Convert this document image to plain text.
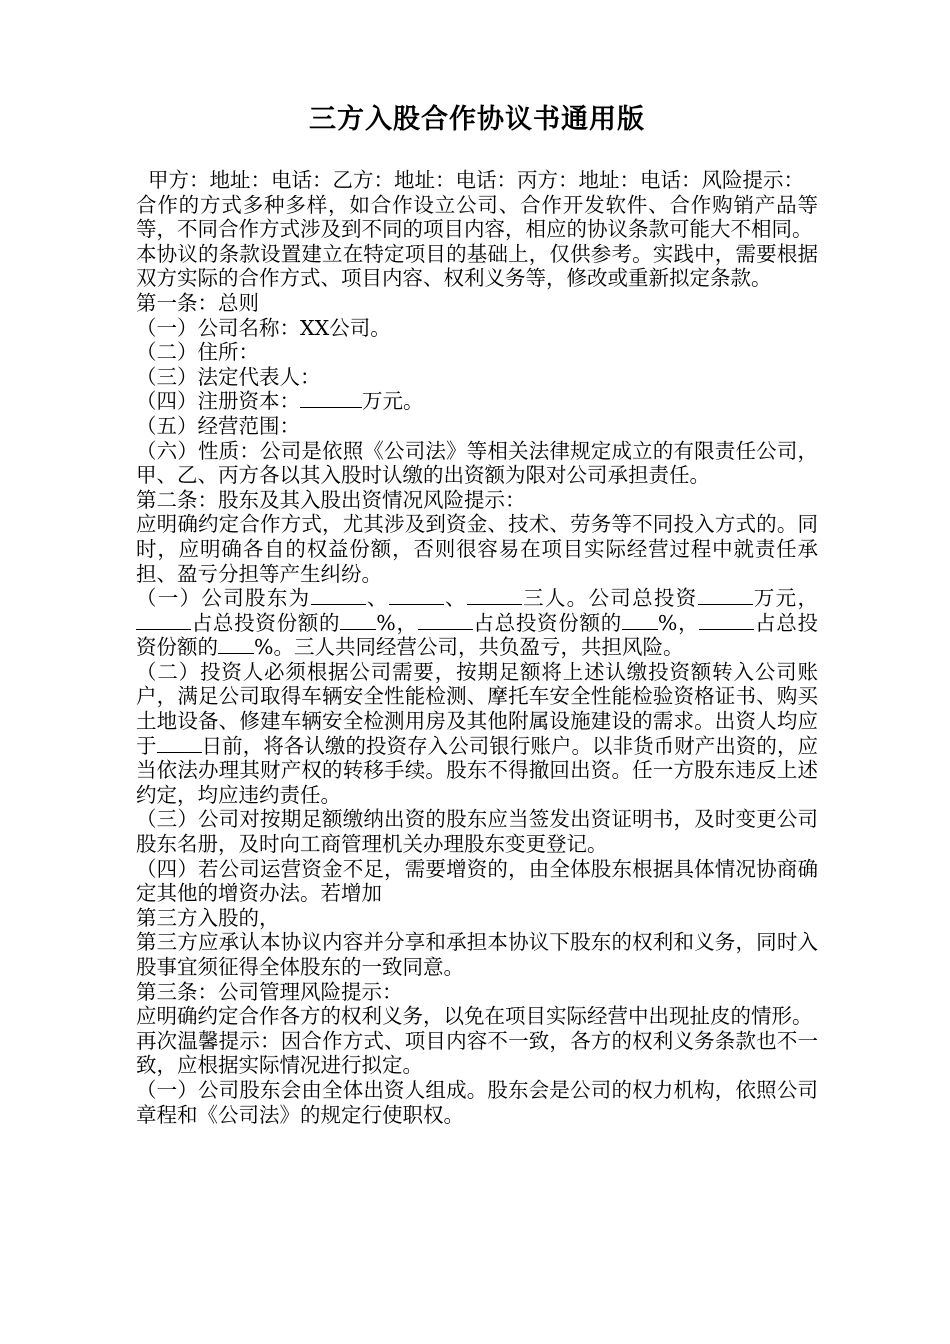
三方入股合作协议书通用版

甲方：地址：电话：乙方：地址：电话：丙方：地址：电话：风险提示：

合作的方式多种多样，如合作设立公司、合作开发软件、合作购销产品等等，不同合作方式涉及到不同的项目内容，相应的协议条款可能大不相同。

本协议的条款设置建立在特定项目的基础上，仅供参考。实践中，需要根据双方实际的合作方式、项目内容、权利义务等，修改或重新拟定条款。

第一条：总则

（一）公司名称：XX公司。

（二）住所：

（三）法定代表人：

（四）注册资本：	万元。

（五）经营范围：

（六）性质：公司是依照《公司法》等相关法律规定成立的有限责任公司，甲、乙、丙方各以其入股时认缴的出资额为限对公司承担责任。

第二条：股东及其入股出资情况风险提示：

应明确约定合作方式，尤其涉及到资金、技术、劳务等不同投入方式的。同时，应明确各自的权益份额，否则很容易在项目实际经营过程中就责任承担、盈亏分担等产生纠纷。

（一）公司股东为	、	、	三人。公司总投资	万元，占总投资份额的 %，	占总投资份额的 %，	占总投资份额的 %。三人共同经营公司，共负盈亏，共担风险。

（二）投资人必须根据公司需要，按期足额将上述认缴投资额转入公司账户，满足公司取得车辆安全性能检测、摩托车安全性能检验资格证书、购买土地设备、修建车辆安全检测用房及其他附属设施建设的需求。出资人均应于 日前，将各认缴的投资存入公司银行账户。以非货币财产出资的，应当依法办理其财产权的转移手续。股东不得撤回出资。任一方股东违反上述约定，均应违约责任。

（三）公司对按期足额缴纳出资的股东应当签发出资证明书，及时变更公司股东名册，及时向工商管理机关办理股东变更登记。

（四）若公司运营资金不足，需要增资的，由全体股东根据具体情况协商确定其他的增资办法。若增加

第三方入股的，

第三方应承认本协议内容并分享和承担本协议下股东的权利和义务，同时入股事宜须征得全体股东的一致同意。

第三条：公司管理风险提示：

应明确约定合作各方的权利义务，以免在项目实际经营中出现扯皮的情形。

再次温馨提示：因合作方式、项目内容不一致，各方的权利义务条款也不一致，应根据实际情况进行拟定。

（一）公司股东会由全体出资人组成。股东会是公司的权力机构，依照公司章程和《公司法》的规定行使职权。
